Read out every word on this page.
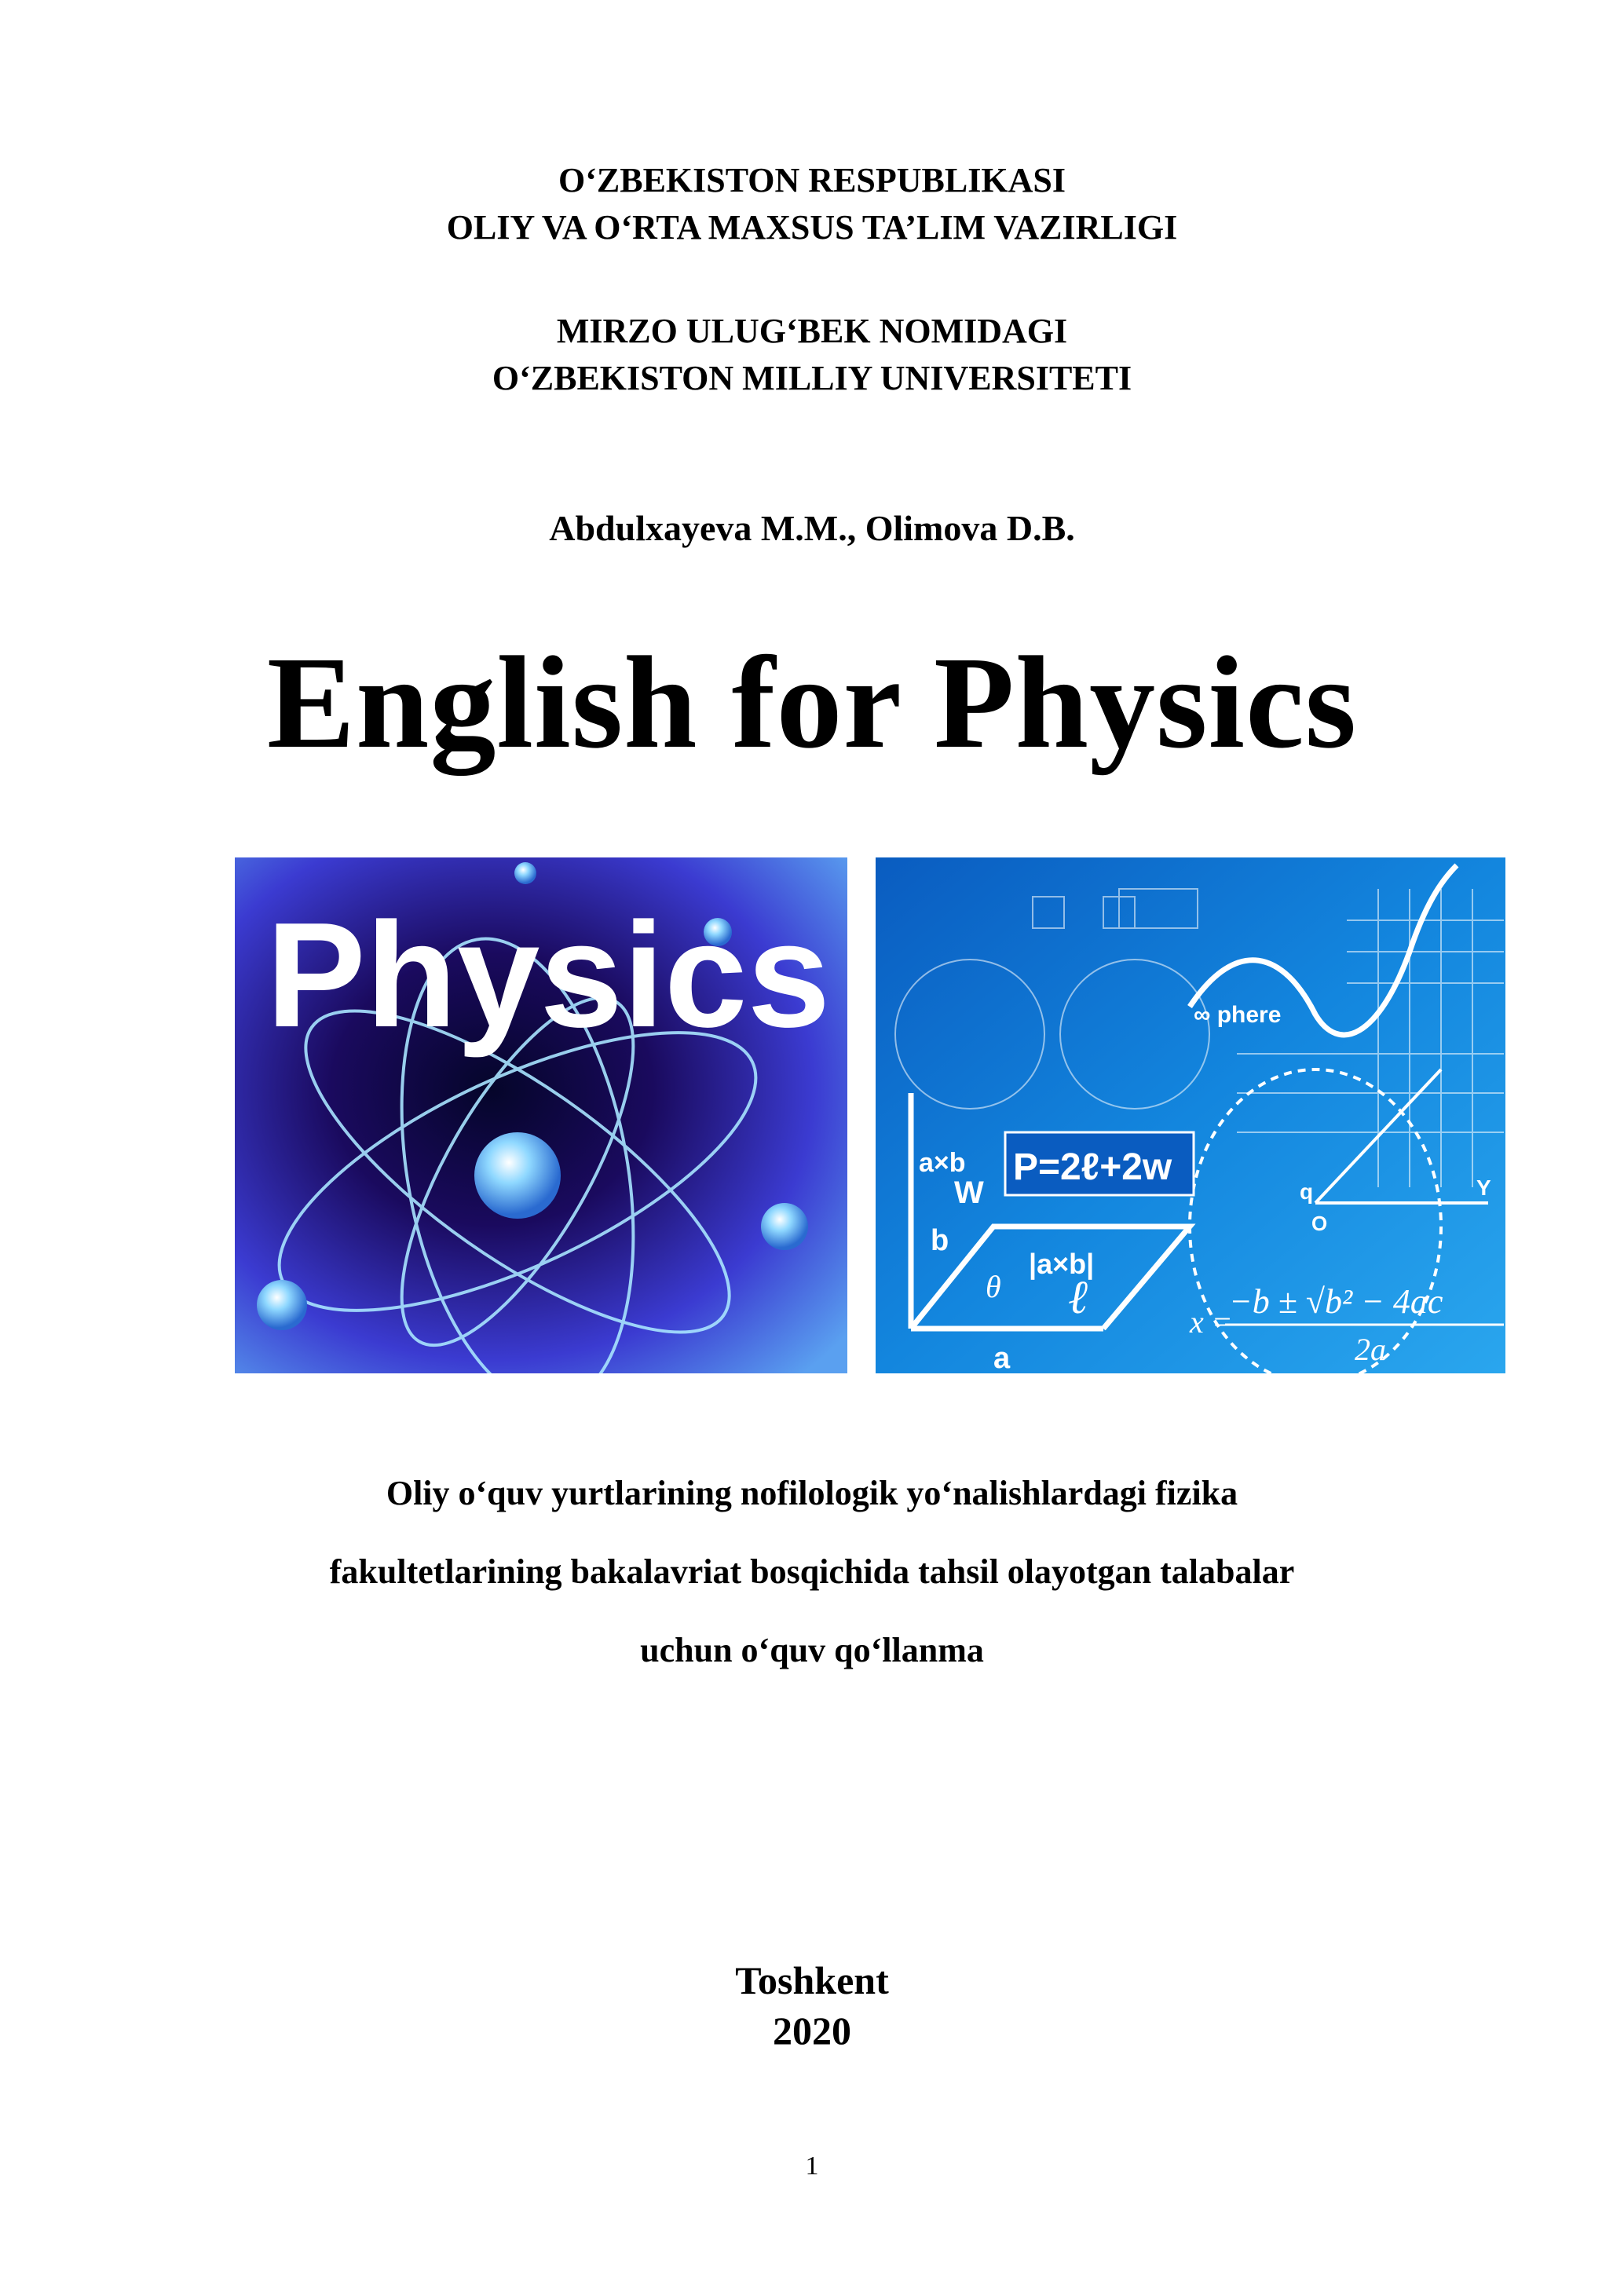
O‘ZBEKISTON RESPUBLIKASI
OLIY VA O‘RTA MAXSUS TA’LIM VAZIRLIGI
MIRZO ULUG‘BEK NOMIDAGI
O‘ZBEKISTON MILLIY UNIVERSITETI
Abdulxayeva M.M., Olimova D.B.
English for Physics
Physics
P=2ℓ+2w
a×b
W
b
a
|a×b|
∞ phere
Y
q
O
θ ℓ	−b ± √b² − 4ac
x =
2a
Oliy o‘quv yurtlarining nofilologik yo‘nalishlardagi fizika
fakultetlarining bakalavriat bosqichida tahsil olayotgan talabalar
uchun o‘quv qo‘llanma
Toshkent
2020
1
